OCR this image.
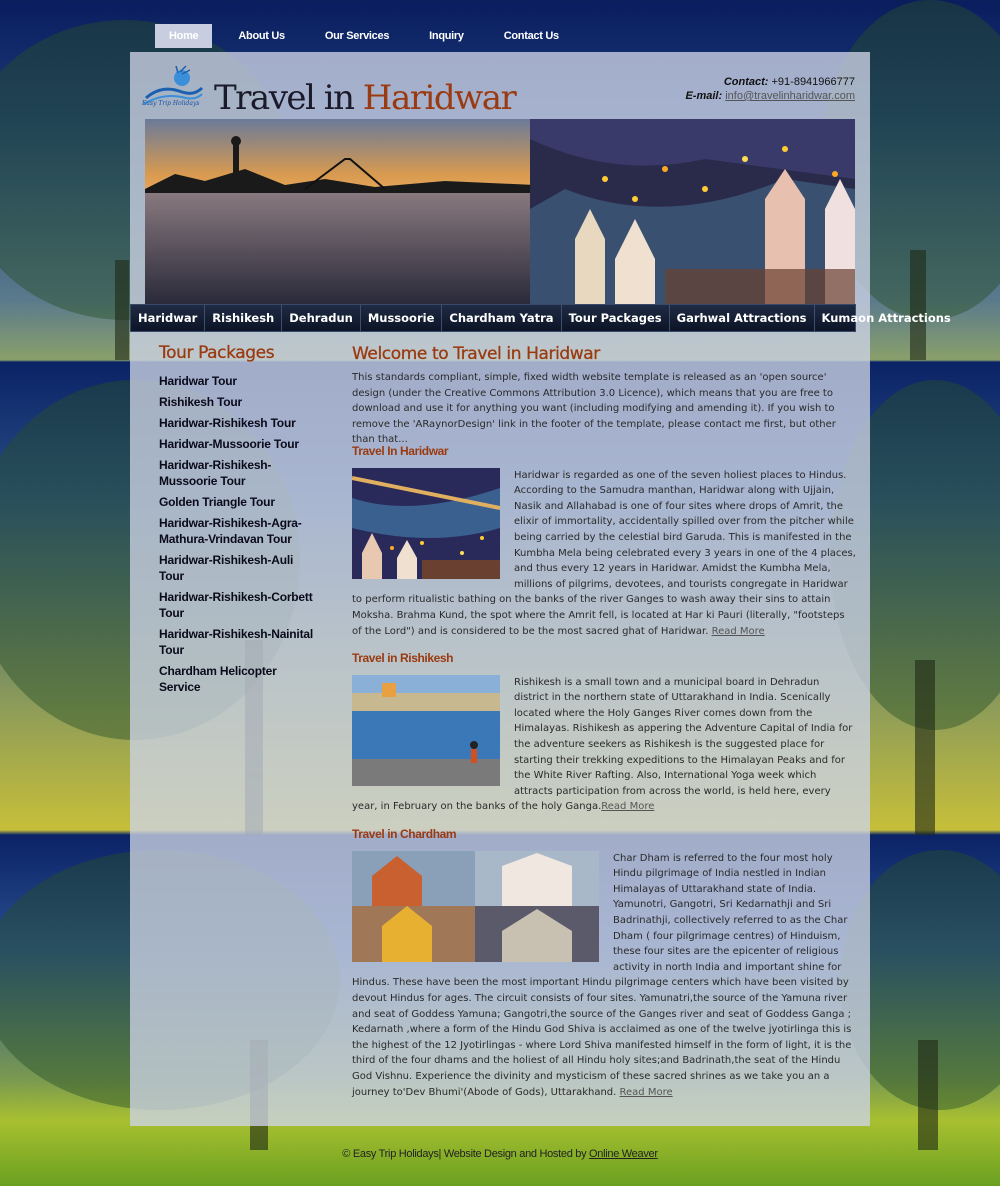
Home	About Us	Our Services	Inquiry	Contact Us
Easy Trip Holidays Travel in Haridwar	Contact: +91-8941966777
E-mail: info@travelinharidwar.com
Haridwar	Rishikesh	Dehradun	Mussoorie	Chardham Yatra	Tour Packages	Garhwal Attractions	Kumaon Attractions
Tour Packages
Haridwar Tour
Rishikesh Tour
Haridwar-Rishikesh Tour
Haridwar-Mussoorie Tour
Haridwar-Rishikesh-Mussoorie Tour
Golden Triangle Tour
Haridwar-Rishikesh-Agra-Mathura-Vrindavan Tour
Haridwar-Rishikesh-Auli Tour
Haridwar-Rishikesh-Corbett Tour
Haridwar-Rishikesh-Nainital Tour
Chardham Helicopter Service
Welcome to Travel in Haridwar

This standards compliant, simple, fixed width website template is released as an 'open source' design (under the Creative Commons Attribution 3.0 Licence), which means that you are free to download and use it for anything you want (including modifying and amending it). If you wish to remove the 'ARaynorDesign' link in the footer of the template, please contact me first, but other than that...

Travel In Haridwar

Haridwar is regarded as one of the seven holiest places to Hindus. According to the Samudra manthan, Haridwar along with Ujjain, Nasik and Allahabad is one of four sites where drops of Amrit, the elixir of immortality, accidentally spilled over from the pitcher while being carried by the celestial bird Garuda. This is manifested in the Kumbha Mela being celebrated every 3 years in one of the 4 places, and thus every 12 years in Haridwar. Amidst the Kumbha Mela, millions of pilgrims, devotees, and tourists congregate in Haridwar to perform ritualistic bathing on the banks of the river Ganges to wash away their sins to attain Moksha. Brahma Kund, the spot where the Amrit fell, is located at Har ki Pauri (literally, "footsteps of the Lord") and is considered to be the most sacred ghat of Haridwar. Read More

Travel in Rishikesh

Rishikesh is a small town and a municipal board in Dehradun district in the northern state of Uttarakhand in India. Scenically located where the Holy Ganges River comes down from the Himalayas. Rishikesh as appering the Adventure Capital of India for the adventure seekers as Rishikesh is the suggested place for starting their trekking expeditions to the Himalayan Peaks and for the White River Rafting. Also, International Yoga week which attracts participation from across the world, is held here, every year, in February on the banks of the holy Ganga.Read More

Travel in Chardham

Char Dham is referred to the four most holy Hindu pilgrimage of India nestled in Indian Himalayas of Uttarakhand state of India. Yamunotri, Gangotri, Sri Kedarnathji and Sri Badrinathji, collectively referred to as the Char Dham ( four pilgrimage centres) of Hinduism, these four sites are the epicenter of religious activity in north India and important shine for Hindus. These have been the most important Hindu pilgrimage centers which have been visited by devout Hindus for ages. The circuit consists of four sites. Yamunatri,the source of the Yamuna river and seat of Goddess Yamuna; Gangotri,the source of the Ganges river and seat of Goddess Ganga ; Kedarnath ,where a form of the Hindu God Shiva is acclaimed as one of the twelve jyotirlinga this is the highest of the 12 Jyotirlingas - where Lord Shiva manifested himself in the form of light, it is the third of the four dhams and the holiest of all Hindu holy sites;and Badrinath,the seat of the Hindu God Vishnu. Experience the divinity and mysticism of these sacred shrines as we take you an a journey to'Dev Bhumi'(Abode of Gods), Uttarakhand. Read More

© Easy Trip Holidays| Website Design and Hosted by Online Weaver
